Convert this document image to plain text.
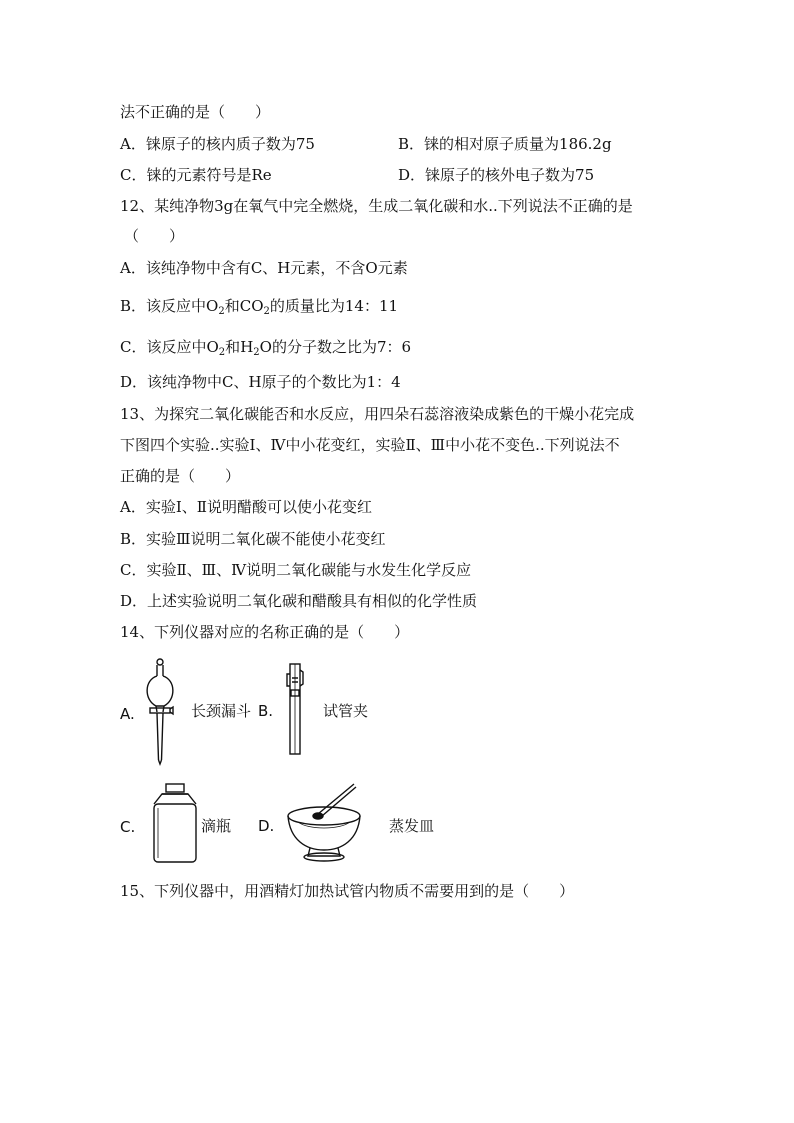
法不正确的是（　　）
A．铼原子的核内质子数为75	B．铼的相对原子质量为186.2g
C．铼的元素符号是Re	D．铼原子的核外电子数为75
12、某纯净物3g在氧气中完全燃烧，生成二氧化碳和水..下列说法不正确的是
（　　）
A．该纯净物中含有C、H元素，不含O元素
B．该反应中$O_2$和$CO_2$的质量比为14：11
C．该反应中$O_2$和$H_2O$的分子数之比为7：6
D．该纯净物中C、H原子的个数比为1：4
13、为探究二氧化碳能否和水反应，用四朵石蕊溶液染成紫色的干燥小花完成
下图四个实验..实验Ⅰ、Ⅳ中小花变红，实验Ⅱ、Ⅲ中小花不变色..下列说法不
正确的是（　　）
A．实验Ⅰ、Ⅱ说明醋酸可以使小花变红
B．实验Ⅲ说明二氧化碳不能使小花变红
C．实验Ⅱ、Ⅲ、Ⅳ说明二氧化碳能与水发生化学反应
D．上述实验说明二氧化碳和醋酸具有相似的化学性质
14、下列仪器对应的名称正确的是（　　）
A.	长颈漏斗 B.	试管夹
C.	滴瓶 D.	蒸发皿
15、下列仪器中，用酒精灯加热试管内物质不需要用到的是（　　）
